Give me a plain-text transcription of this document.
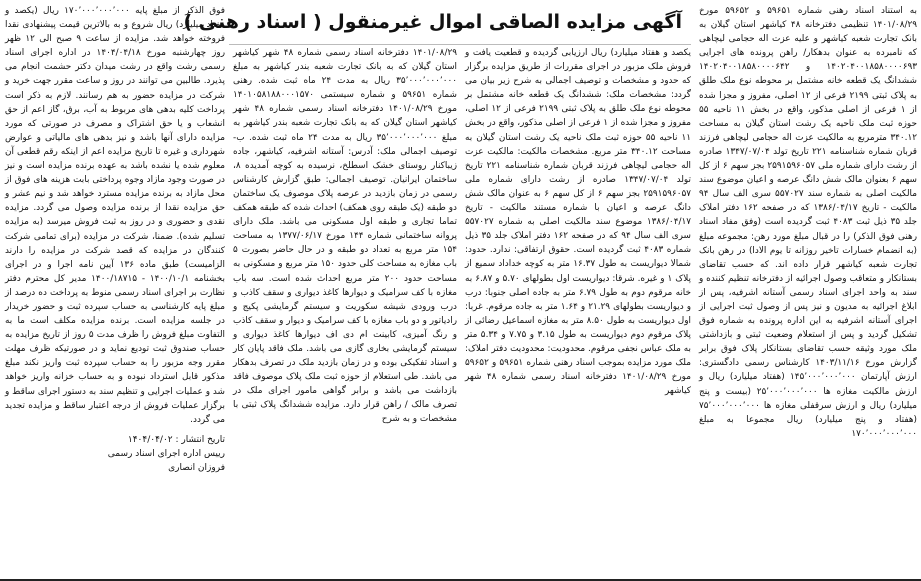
آگهی مزایده الصاقی اموال غیرمنقول ( اسناد رهنی ) به استناد اسناد رهنی شماره ۵۹۶۵۱ و ۵۹۶۵۲ مورخ ۱۴۰۱/۰۸/۲۹ تنظیمی دفترخانه ۴۸ کیاشهر استان گیلان به بانک تجارت شعبه کیاشهر و علیه عزت اله حجامی لیچاهی که نامبرده به عنوان بدهکار/ راهن پرونده های اجرایی ۱۴۰۲۰۴۰۰۱۸۵۸۰۰۰۰۶۹۳ و ۱۴۰۲۰۴۰۰۱۸۵۸۰۰۰۰۶۴۲ ششدانگ یک قطعه خانه مشتمل بر محوطه نوع ملک طلق به پلاک ثبتی ۲۱۹۹ فرعی از ۱۲ اصلی، مفروز و مجزا شده از ۱ فرعی از اصلی مذکور، واقع در بخش ۱۱ ناحیه ۵۵ حوزه ثبت ملک ناحیه یک رشت استان گیلان به مساحت ۳۴۰.۱۲ مترمربع به مالکیت عزت اله حجامی لیچاهی فرزند قربان شماره شناسنامه ۲۲۱ تاریخ تولد ۱۳۴۷/۰۷/۰۴ صادره از رشت دارای شماره ملی ۲۵۹۱۵۹۶۰۵۷ بجز سهم ۶ از کل سهم ۶ بعنوان مالک شش دانگ عرصه و اعیان موضوع سند مالکیت اصلی به شماره سند ۵۵۷۰۲۷ سری الف سال ۹۴ مالکیت - تاریخ ۱۳۸۶/۰۴/۱۷ که در صفحه ۱۶۲ دفتر املاک جلد ۳۵ ذیل ثبت ۴۰۸۳ ثبت گردیده است (وفق مفاد اسناد رهنی فوق الذکر) را در قبال مبلغ مورد رهن: مجموعه مبلغ (به انضمام خسارات تاخیر روزانه تا یوم الادا) در رهن بانک تجارت شعبه کیاشهر قرار داده اند. که حسب تقاضای بستانکار و متعاقب وصول اجرائیه از دفترخانه تنظیم کننده و سند به واحد اجرای اسناد رسمی آستانه اشرفیه، پس از ابلاغ اجرائیه به مدیون و نیز پس از وصول ثبت اجرایی از اجرای آستانه اشرفیه به این اداره پرونده به شماره فوق تشکیل گردید و پس از استعلام وضعیت ثبتی و بازداشتی ملک مورد وثیقه حسب تقاضای بستانکار پلاک فوق برابر گزارش مورخ ۱۴۰۳/۱۱/۱۶ کارشناس رسمی دادگستری: ارزش آپارتمان ۱۴۵٬۰۰۰٬۰۰۰٬۰۰۰ (هفتاد میلیارد) ریال و ارزش مالکیت مغازه ها ۲۵٬۰۰۰٬۰۰۰٬۰۰۰ (بیست و پنج میلیارد) ریال و ارزش سرقفلی مغازه ها ۷۵٬۰۰۰٬۰۰۰٬۰۰۰ (هفتاد و پنج میلیارد) ریال مجموعا به مبلغ ۱۷۰٬۰۰۰٬۰۰۰٬۰۰۰

یکصد و هفتاد میلیارد) ریال ارزیابی گردیده و قطعیت یافت و فروش ملک مزبور در اجرای مقررات از طریق مزایده برگزار که حدود و مشخصات و توصیف اجمالی به شرح زیر بیان می گردد: مشخصات ملک: ششدانگ یک قطعه خانه مشتمل بر محوطه نوع ملک طلق به پلاک ثبتی ۲۱۹۹ فرعی از ۱۲ اصلی، مفروز و مجزا شده از ۱ فرعی از اصلی مذکور، واقع در بخش ۱۱ ناحیه ۵۵ حوزه ثبت ملک ناحیه یک رشت استان گیلان به مساحت ۳۴۰.۱۲ متر مربع. مشخصات مالکیت: مالکیت عزت اله حجامی لیچاهی فرزند قربان شماره شناسنامه ۲۲۱ تاریخ تولد ۱۳۴۷/۰۷/۰۴ صادره از رشت دارای شماره ملی ۲۵۹۱۵۹۶۰۵۷ بجز سهم ۶ از کل سهم ۶ به عنوان مالک شش دانگ عرصه و اعیان با شماره مستند مالکیت - تاریخ ۱۳۸۶/۰۴/۱۷ موضوع سند مالکیت اصلی به شماره ۵۵۷۰۲۷ سری الف سال ۹۴ که در صفحه ۱۶۲ دفتر املاک جلد ۳۵ ذیل شماره ۴۰۸۳ ثبت گردیده است. حقوق ارتفاقی: ندارد. حدود: شمالا دیواریست به طول ۱۶.۳۷ متر به کوچه خداداد سمیع از پلاک ۱ و غیره. شرقا: دیواریست اول بطولهای ۵.۷۰ و ۶.۸۷ به خانه مرقوم دوم به طول ۶.۷۹ متر به جاده اصلی جنوبا: درب و دیواریست بطولهای ۲۱.۲۹ و ۱.۶۴ متر به جاده مرقوم. غربا: اول دیواریست به طول ۸.۵۰ متر به مغازه اسماعیل رضائی از پلاک مرقوم دوم دیواریست به طول ۳.۱۵ و ۷.۷۵ و ۵.۳۴ متر به ملک عباس نجفی مرقوم. محدودیت: محدودیت دفتر املاک: ملک مورد مزایده بموجب اسناد رهنی شماره ۵۹۶۵۱ و ۵۹۶۵۲ مورخ ۱۴۰۱/۰۸/۲۹ دفترخانه اسناد رسمی شماره ۴۸ شهر کیاشهر

۱۴۰۱/۰۸/۲۹ دفترخانه اسناد رسمی شماره ۴۸ شهر کیاشهر استان گیلان که به بانک تجارت شعبه بندر کیاشهر به مبلغ ۳۵٬۰۰۰٬۰۰۰٬۰۰۰ ریال به مدت ۲۴ ماه ثبت شده. رهنی شماره ۵۹۶۵۱ و شماره سیستمی ۱۴۰۱۰۵۸۱۸۸۰۰۰۱۵۷۰ مورخ ۱۴۰۱/۰۸/۲۹ دفترخانه اسناد رسمی شماره ۴۸ شهر کیاشهر استان گیلان که به بانک تجارت شعبه بندر کیاشهر به مبلغ ۳۵٬۰۰۰٬۰۰۰٬۰۰۰ ریال به مدت ۲۴ ماه ثبت شده. ب- توصیف اجمالی ملک: آدرس: آستانه اشرفیه، کیاشهر، جاده زیباکنار روستای خشک اسطلخ، نرسیده به کوچه آمدیده ۸، ساختمان ایرانیان. توصیف اجمالی: طبق گزارش کارشناس رسمی در زمان بازدید در عرصه پلاک موصوف یک ساختمان دو طبقه (یک طبقه روی همکف) احداث شده که طبقه همکف تماما تجاری و طبقه اول مسکونی می باشد. ملک دارای پروانه ساختمانی شماره ۱۴۴ مورخ ۱۳۷۷/۰۶/۱۷ به مساحت ۱۵۴ متر مربع به تعداد دو طبقه و در حال حاضر بصورت ۵ باب مغازه به مساحت کلی حدود ۱۵۰ متر مربع و مسکونی به مساحت حدود ۲۰۰ متر مربع احداث شده است. سه باب مغازه با کف سرامیک و دیوارها کاغذ دیواری و سقف کاذب و درب ورودی شیشه سکوریت و سیستم گرمایشی پکیج و رادیاتور و دو باب مغازه با کف سرامیک و دیوار و سقف کاذب و رنگ آمیزی، کابینت ام دی اف دیوارها کاغذ دیواری و سیستم گرمایشی بخاری گازی می باشد. ملک فاقد پایان کار و اسناد تفکیکی بوده و در زمان بازدید ملک در تصرف بدهکار می باشد. طی استعلام از حوزه ثبت ملک پلاک موصوف فاقد بازداشت می باشد و برابر گواهی مامور اجرای ملک در تصرف مالک / راهن قرار دارد. مزایده ششدانگ پلاک ثبتی با مشخصات و به شرح

فوق الذکر از مبلغ پایه ۱۷۰٬۰۰۰٬۰۰۰٬۰۰۰ ریال (یکصد و هفتاد میلیارد) ریال شروع و به بالاترین قیمت پیشنهادی نقدا فروخته خواهد شد. مزایده از ساعت ۹ صبح الی ۱۲ ظهر روز چهارشنبه مورخ ۱۴۰۴/۰۴/۱۸ در اداره اجرای اسناد رسمی رشت واقع در رشت میدان دکتر حشمت انجام می پذیرد. طالبین می توانند در روز و ساعت مقرر جهت خرید و شرکت در مزایده حضور به هم رسانند. لازم به ذکر است پرداخت کلیه بدهی های مربوط به آب، برق، گاز اعم از حق انشعاب و یا حق اشتراک و مصرف در صورتی که مورد مزایده دارای آنها باشد و نیز بدهی های مالیاتی و عوارض شهرداری و غیره تا تاریخ مزایده اعم از اینکه رقم قطعی آن معلوم شده یا نشده باشد به عهده برنده مزایده است و نیز در صورت وجود مازاد وجوه پرداختی بابت هزینه های فوق از محل مازاد به برنده مزایده مسترد خواهد شد و نیم عشر و حق مزایده نقدا از برنده مزایده وصول می گردد. مزایده نقدی و حضوری و در روز به ثبت فروش میرسد (به مزایده تسلیم شده). ضمنا، شرکت در مزایده (برای تمامی شرکت کنندگان در مزایده که قصد شرکت در مزایده را دارند الزامیست) طبق ماده ۱۳۶ آیین نامه اجرا و در اجرای بخشنامه ۱۴۰۰/۱۰/۱ - ۱۴۰۰/۱۸۷۱۵ مدیر کل محترم دفتر نظارت بر اجرای اسناد رسمی منوط به پرداخت ده درصد از مبلغ پایه کارشناسی به حساب سپرده ثبت و حضور خریدار در جلسه مزایده است. برنده مزایده مکلف است ما به التفاوت مبلغ فروش را ظرف مدت ۵ روز از تاریخ مزایده به حساب صندوق ثبت تودیع نماید و در صورتیکه ظرف مهلت مقرر وجه مزبور را به حساب سپرده ثبت واریز نکند مبلغ مذکور قابل استرداد نبوده و به حساب خزانه واریز خواهد شد و عملیات اجرایی و تنظیم سند به دستور اجرای ساقط و برگزار عملیات فروش از درجه اعتبار ساقط و مزایده تجدید می گردد.

تاریخ انتشار : ۱۴۰۴/۰۴/۰۲
رییس اداره اجرای اسناد رسمی
فروزان انصاری
